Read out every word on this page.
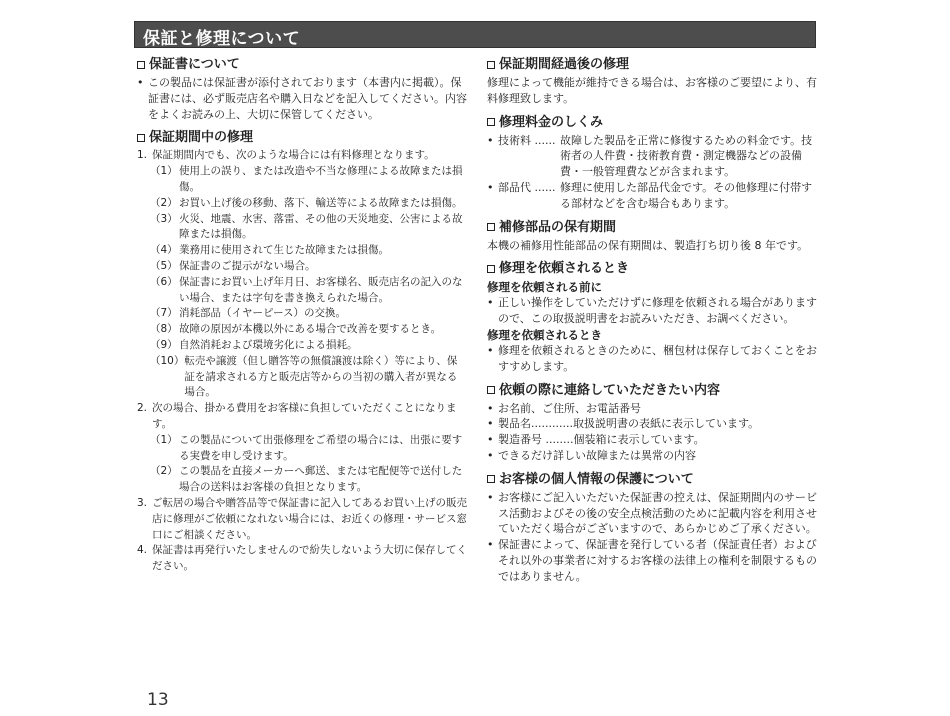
保証と修理について
保証書について
• この製品には保証書が添付されております（本書内に掲載）。保証書には、必ず販売店名や購入日などを記入してください。内容をよくお読みの上、大切に保管してください。
保証期間中の修理
1. 保証期間内でも、次のような場合には有料修理となります。
（1） 使用上の誤り、または改造や不当な修理による故障または損傷。
（2） お買い上げ後の移動、落下、輸送等による故障または損傷。
（3） 火災、地震、水害、落雷、その他の天災地変、公害による故障または損傷。
（4） 業務用に使用されて生じた故障または損傷。
（5） 保証書のご提示がない場合。
（6） 保証書にお買い上げ年月日、お客様名、販売店名の記入のない場合、または字句を書き換えられた場合。
（7） 消耗部品（イヤーピース）の交換。
（8） 故障の原因が本機以外にある場合で改善を要するとき。
（9） 自然消耗および環境劣化による損耗。
（10） 転売や譲渡（但し贈答等の無償譲渡は除く）等により、保証を請求される方と販売店等からの当初の購入者が異なる場合。
2. 次の場合、掛かる費用をお客様に負担していただくことになります。
（1） この製品について出張修理をご希望の場合には、出張に要する実費を申し受けます。
（2） この製品を直接メーカーへ郵送、または宅配便等で送付した場合の送料はお客様の負担となります。
3. ご転居の場合や贈答品等で保証書に記入してあるお買い上げの販売店に修理がご依頼になれない場合には、お近くの修理・サービス窓口にご相談ください。
4. 保証書は再発行いたしませんので紛失しないよう大切に保存してください。
保証期間経過後の修理
修理によって機能が維持できる場合は、お客様のご要望により、有料修理致します。
修理料金のしくみ
• 技術料 ...... 故障した製品を正常に修復するための料金です。技術者の人件費・技術教育費・測定機器などの設備費・一般管理費などが含まれます。
• 部品代 ...... 修理に使用した部品代金です。その他修理に付帯する部材などを含む場合もあります。
補修部品の保有期間
本機の補修用性能部品の保有期間は、製造打ち切り後 8 年です。
修理を依頼されるとき
修理を依頼される前に
• 正しい操作をしていただけずに修理を依頼される場合がありますので、この取扱説明書をお読みいただき、お調べください。
修理を依頼されるとき
• 修理を依頼されるときのために、梱包材は保存しておくことをおすすめします。
依頼の際に連絡していただきたい内容
• お名前、ご住所、お電話番号
• 製品名............取扱説明書の表紙に表示しています。
• 製造番号 ........個装箱に表示しています。
• できるだけ詳しい故障または異常の内容
お客様の個人情報の保護について
• お客様にご記入いただいた保証書の控えは、保証期間内のサービス活動およびその後の安全点検活動のために記載内容を利用させていただく場合がございますので、あらかじめご了承ください。
• 保証書によって、保証書を発行している者（保証責任者）およびそれ以外の事業者に対するお客様の法律上の権利を制限するものではありません。
13
